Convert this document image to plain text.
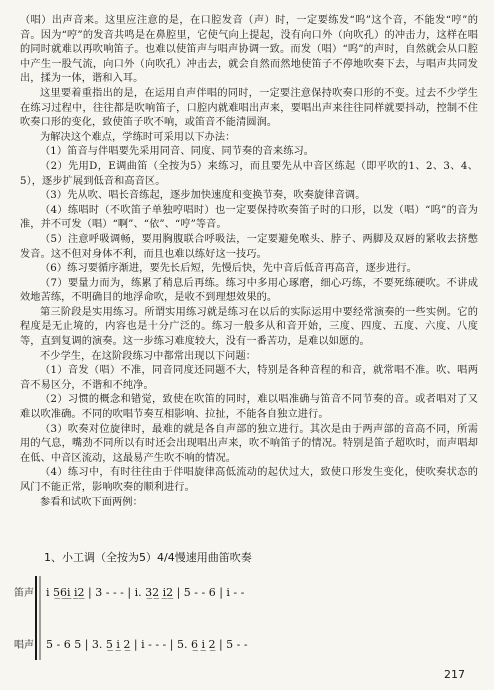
（唱）出声音来。这里应注意的是，在口腔发音（声）时，一定要练发“呜”这个音，不能发“哼”的音。因为“哼”的发音共鸣是在鼻腔里，它使气向上提起，没有向口外（向吹孔）的冲击力，这样在唱的同时就难以再吹响笛子。也难以使笛声与唱声协调一致。而发（唱）“呜”的声时，自然就会从口腔中产生一股气流，向口外（向吹孔）冲击去，就会自然而然地使笛子不停地吹奏下去，与唱声共同发出，揉为一体，谐和入耳。

这里要着重指出的是，在运用自声伴唱的同时，一定要注意保持吹奏口形的不变。过去不少学生在练习过程中，往往都是吹响笛子，口腔内就难唱出声来，要唱出声来往往同样就要抖动，控制不住吹奏口形的变化，致使笛子吹不响，或笛音不能清圆润。

为解决这个难点，学练时可采用以下办法：

（1）笛音与伴唱要先采用同音、同度、同节奏的音来练习。

（2）先用D，E调曲笛（全按为5）来练习，而且要先从中音区练起（即平吹的1、2、3、4、5），逐步扩展到低音和高音区。

（3）先从吹、唱长音练起，逐步加快速度和变换节奏，吹奏旋律音调。

（4）练唱时（不吹笛子单独哼唱时）也一定要保持吹奏笛子时的口形，以发（唱）“呜”的音为准，并不可发（唱）“啊”、“依”、“哼”等音。

（5）注意呼吸调畅，要用胸腹联合呼吸法，一定要避免喉头、脖子、两脚及双唇的紧收去挤憋发音。这不但对身体不利，而且也难以练好这一技巧。

（6）练习要循序渐进，要先长后短，先慢后快，先中音后低音再高音，逐步进行。

（7）要量力而为，练累了稍息后再练。练习中多用心琢磨，细心巧练，不要死练硬吹。不讲成效地苦练，不明确目的地浮命吹，是收不到理想效果的。

第三阶段是实用练习。所谓实用练习就是练习在以后的实际运用中要经常演奏的一些实例。它的程度是无止境的，内容也是十分广泛的。练习一般多从和音开始，三度、四度、五度、六度、八度等，直到复调的演奏。这一步练习难度较大，没有一番苦功，是难以如愿的。

不少学生，在这阶段练习中都常出现以下问题：

（1）音发（唱）不准，同音同度还同题不大，特别是各种音程的和音，就常唱不准。吹、唱两音不易区分，不谐和不纯净。

（2）习惯的概念和错觉，致使在吹笛的同时，难以唱准确与笛音不同节奏的音。或者唱对了又难以吹准确。不同的吹唱节奏互相影响、拉扯，不能各自独立进行。

（3）吹奏对位旋律时，最难的就是各自声部的独立进行。其次是由于两声部的音高不同，所需用的气息，嘴劲不同所以有时还会出现唱出声来，吹不响笛子的情况。特别是笛子超吹时，而声唱却在低、中音区流动，这最易产生吹不响的情况。

（4）练习中，有时往往由于伴唱旋律高低流动的起伏过大，致使口形发生变化，使吹奏状态的风门不能正常，影响吹奏的顺利进行。

参看和试吹下面两例：

1、小工调（全按为5）4/4慢速用曲笛吹奏
笛声
唱声
i 5̲6̲i̲ i̲2̲ | 3 - - - | i. 3̲2̲ i̲2̲ | 5 - - 6 | i - -
5 - 6 5 | 3. 5̲ i̲ 2̲ | i - - - | 5. 6̲ i̲ 2̲ | 5 - -
217
